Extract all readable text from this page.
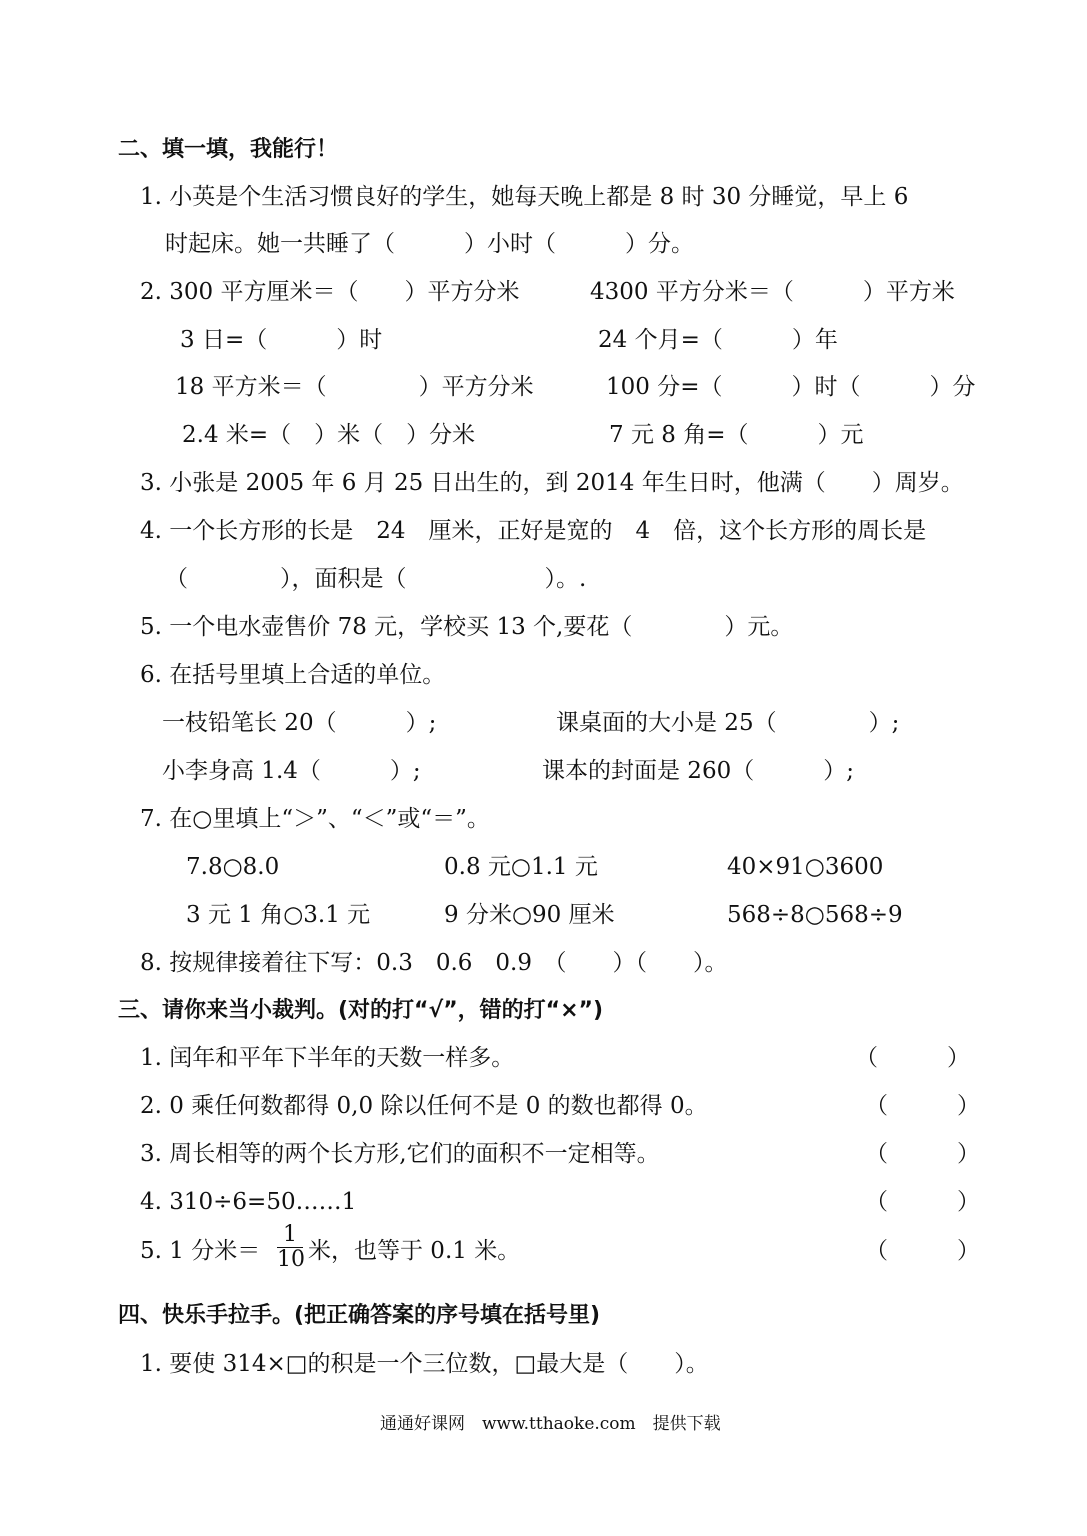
二、填一填，我能行！
1. 小英是个生活习惯良好的学生，她每天晚上都是 8 时 30 分睡觉，早上 6
时起床。她一共睡了（　　　）小时（　　　）分。
2. 300 平方厘米＝（　　）平方分米	4300 平方分米＝（　　　）平方米
3 日=（　　　）时	24 个月=（　　　）年
18 平方米＝（　　　　）平方分米	100 分=（　　　）时（　　　）分
2.4 米=（　）米（　）分米	7 元 8 角=（　　　）元
3. 小张是 2005 年 6 月 25 日出生的，到 2014 年生日时，他满（　　）周岁。
4. 一个长方形的长是　24　厘米，正好是宽的　4　倍，这个长方形的周长是
（　　　　），面积是（　　　　　　）。.
5. 一个电水壶售价 78 元，学校买 13 个,要花（　　　　）元。
6. 在括号里填上合适的单位。
一枝铅笔长 20（　　　）;	课桌面的大小是 25（　　　　）;
小李身高 1.4（　　　）;	课本的封面是 260（　　　）;
7. 在○里填上“＞”、“＜”或“＝”。
7.8○8.0	0.8 元○1.1 元	40×91○3600
3 元 1 角○3.1 元	9 分米○90 厘米	568÷8○568÷9
8. 按规律接着往下写：0.3　0.6　0.9　（　　）（　　）。
三、请你来当小裁判。(对的打“√”，错的打“×”)
1. 闰年和平年下半年的天数一样多。	（　　　）
2. 0 乘任何数都得 0,0 除以任何不是 0 的数也都得 0。	（　　　）
3. 周长相等的两个长方形,它们的面积不一定相等。	（　　　）
4. 310÷6=50……1	（　　　）
5. 1 分米＝ $\frac{1}{10}$ 米，也等于 0.1 米。	（　　　）
四、快乐手拉手。(把正确答案的序号填在括号里)
1. 要使 314×□的积是一个三位数，□最大是（　　）。
通通好课网　www.tthaoke.com　提供下载
